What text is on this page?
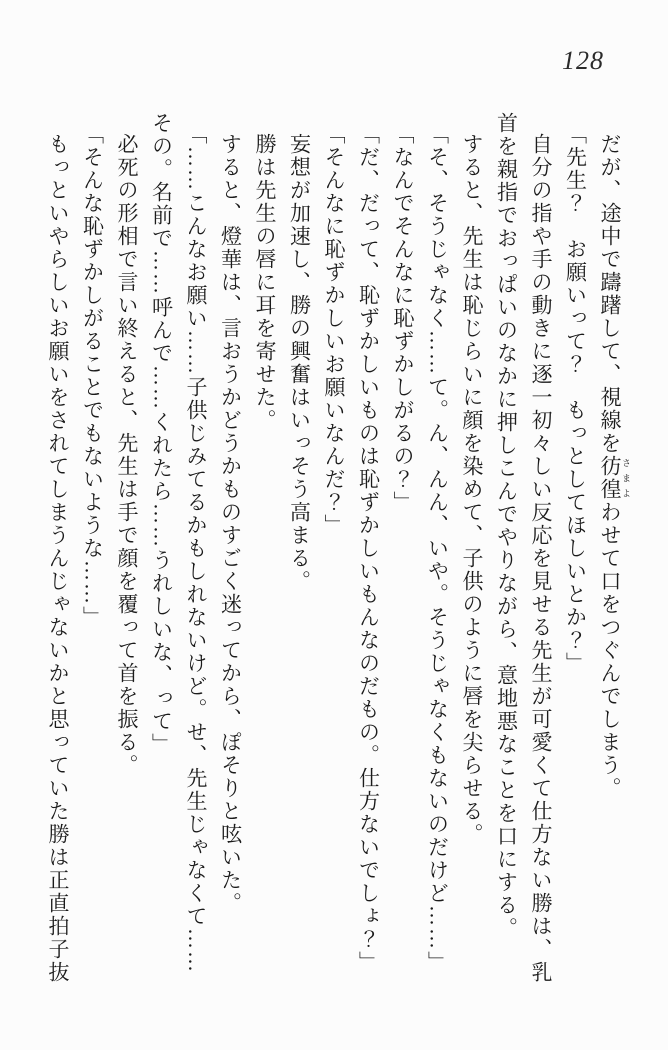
128

だが、途中で躊躇して、視線を彷徨 さまよわせて口をつぐんでしまう。

「先生？　お願いって？　もっとしてほしいとか？」

自分の指や手の動きに逐一初々しい反応を見せる先生が可愛くて仕方ない勝は、乳首を親指でおっぱいのなかに押しこんでやりながら、意地悪なことを口にする。

すると、先生は恥じらいに顔を染めて、子供のように唇を尖らせる。

「そ、そうじゃなく……て。ん、んん、いや。そうじゃなくもないのだけど……」

「なんでそんなに恥ずかしがるの？」

「だ、だって、恥ずかしいものは恥ずかしいもんなのだもの。仕方ないでしょ？」

「そんなに恥ずかしいお願いなんだ？」

妄想が加速し、勝の興奮はいっそう高まる。

勝は先生の唇に耳を寄せた。

すると、燈華は、言おうかどうかものすごく迷ってから、ぽそりと呟いた。

「……こんなお願い……子供じみてるかもしれないけど。せ、先生じゃなくて……その。名前で……呼んで……くれたら……うれしいな、って」

必死の形相で言い終えると、先生は手で顔を覆って首を振る。

「そんな恥ずかしがることでもないような……」

もっといやらしいお願いをされてしまうんじゃないかと思っていた勝は正直拍子抜
